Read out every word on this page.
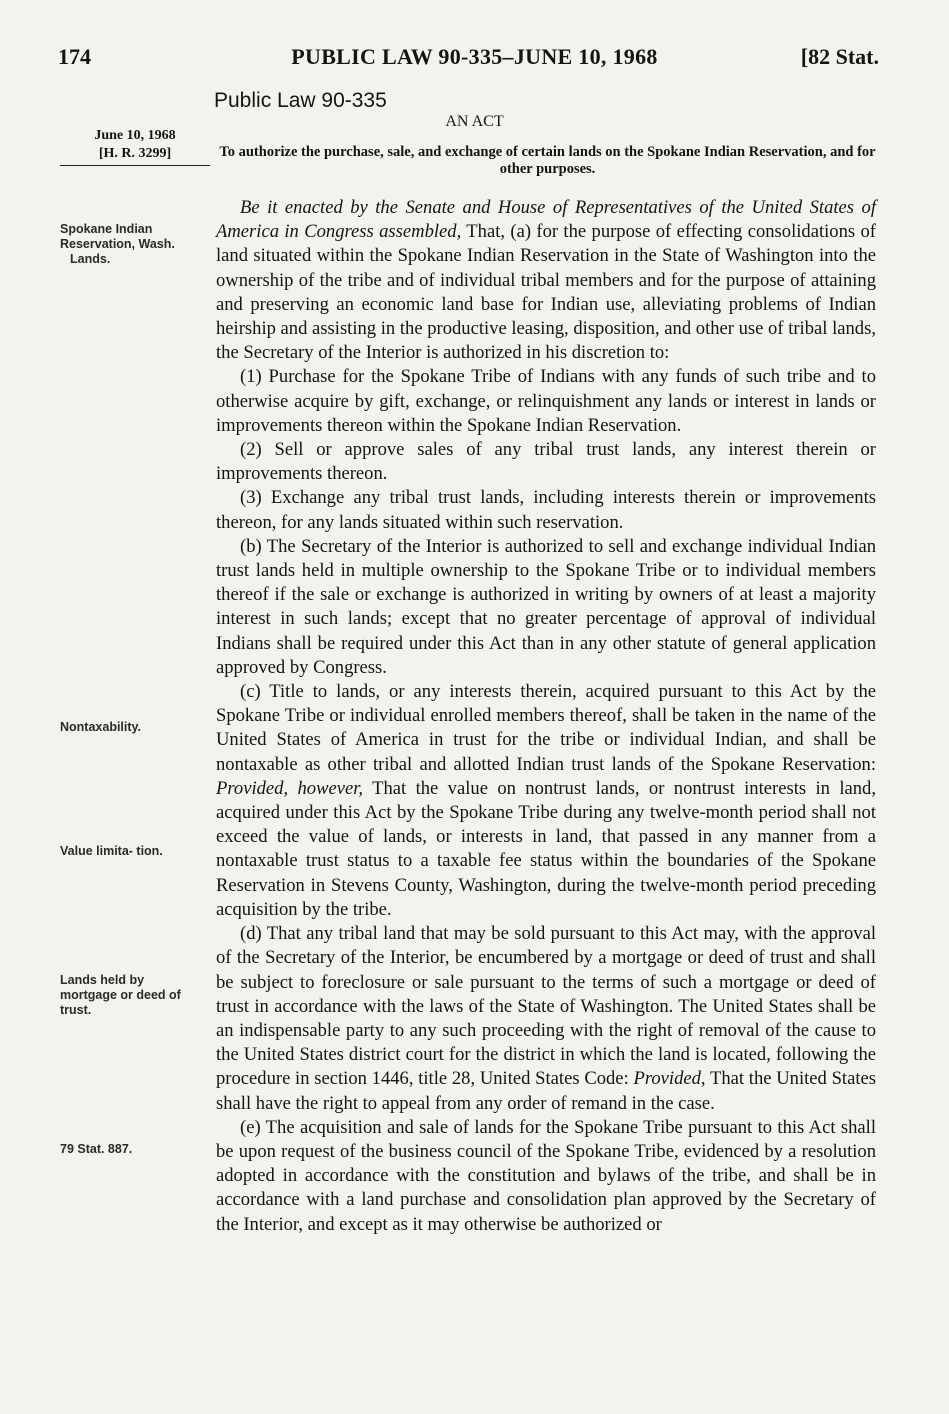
174	PUBLIC LAW 90-335–JUNE 10, 1968	[82 Stat.
Public Law 90-335
AN ACT
June 10, 1968
[H. R. 3299]	To authorize the purchase, sale, and exchange of certain lands on the Spokane Indian Reservation, and for other purposes.
Spokane Indian Reservation, Wash.
Lands.
Nontaxability.
Value limita- tion.
Lands held by mortgage or deed of trust.
79 Stat. 887.

Be it enacted by the Senate and House of Representatives of the United States of America in Congress assembled, That, (a) for the purpose of effecting consolidations of land situated within the Spokane Indian Reservation in the State of Washington into the ownership of the tribe and of individual tribal members and for the purpose of attaining and preserving an economic land base for Indian use, alleviating problems of Indian heirship and assisting in the productive leasing, disposition, and other use of tribal lands, the Secretary of the Interior is authorized in his discretion to:

(1) Purchase for the Spokane Tribe of Indians with any funds of such tribe and to otherwise acquire by gift, exchange, or relinquishment any lands or interest in lands or improvements thereon within the Spokane Indian Reservation.

(2) Sell or approve sales of any tribal trust lands, any interest therein or improvements thereon.

(3) Exchange any tribal trust lands, including interests therein or improvements thereon, for any lands situated within such reservation.

(b) The Secretary of the Interior is authorized to sell and exchange individual Indian trust lands held in multiple ownership to the Spokane Tribe or to individual members thereof if the sale or exchange is authorized in writing by owners of at least a majority interest in such lands; except that no greater percentage of approval of individual Indians shall be required under this Act than in any other statute of general application approved by Congress.

(c) Title to lands, or any interests therein, acquired pursuant to this Act by the Spokane Tribe or individual enrolled members thereof, shall be taken in the name of the United States of America in trust for the tribe or individual Indian, and shall be nontaxable as other tribal and allotted Indian trust lands of the Spokane Reservation: Provided, however, That the value on nontrust lands, or nontrust interests in land, acquired under this Act by the Spokane Tribe during any twelve-month period shall not exceed the value of lands, or interests in land, that passed in any manner from a nontaxable trust status to a taxable fee status within the boundaries of the Spokane Reservation in Stevens County, Washington, during the twelve-month period preceding acquisition by the tribe.

(d) That any tribal land that may be sold pursuant to this Act may, with the approval of the Secretary of the Interior, be encumbered by a mortgage or deed of trust and shall be subject to foreclosure or sale pursuant to the terms of such a mortgage or deed of trust in accordance with the laws of the State of Washington. The United States shall be an indispensable party to any such proceeding with the right of removal of the cause to the United States district court for the district in which the land is located, following the procedure in section 1446, title 28, United States Code: Provided, That the United States shall have the right to appeal from any order of remand in the case.

(e) The acquisition and sale of lands for the Spokane Tribe pursuant to this Act shall be upon request of the business council of the Spokane Tribe, evidenced by a resolution adopted in accordance with the constitution and bylaws of the tribe, and shall be in accordance with a land purchase and consolidation plan approved by the Secretary of the Interior, and except as it may otherwise be authorized or
